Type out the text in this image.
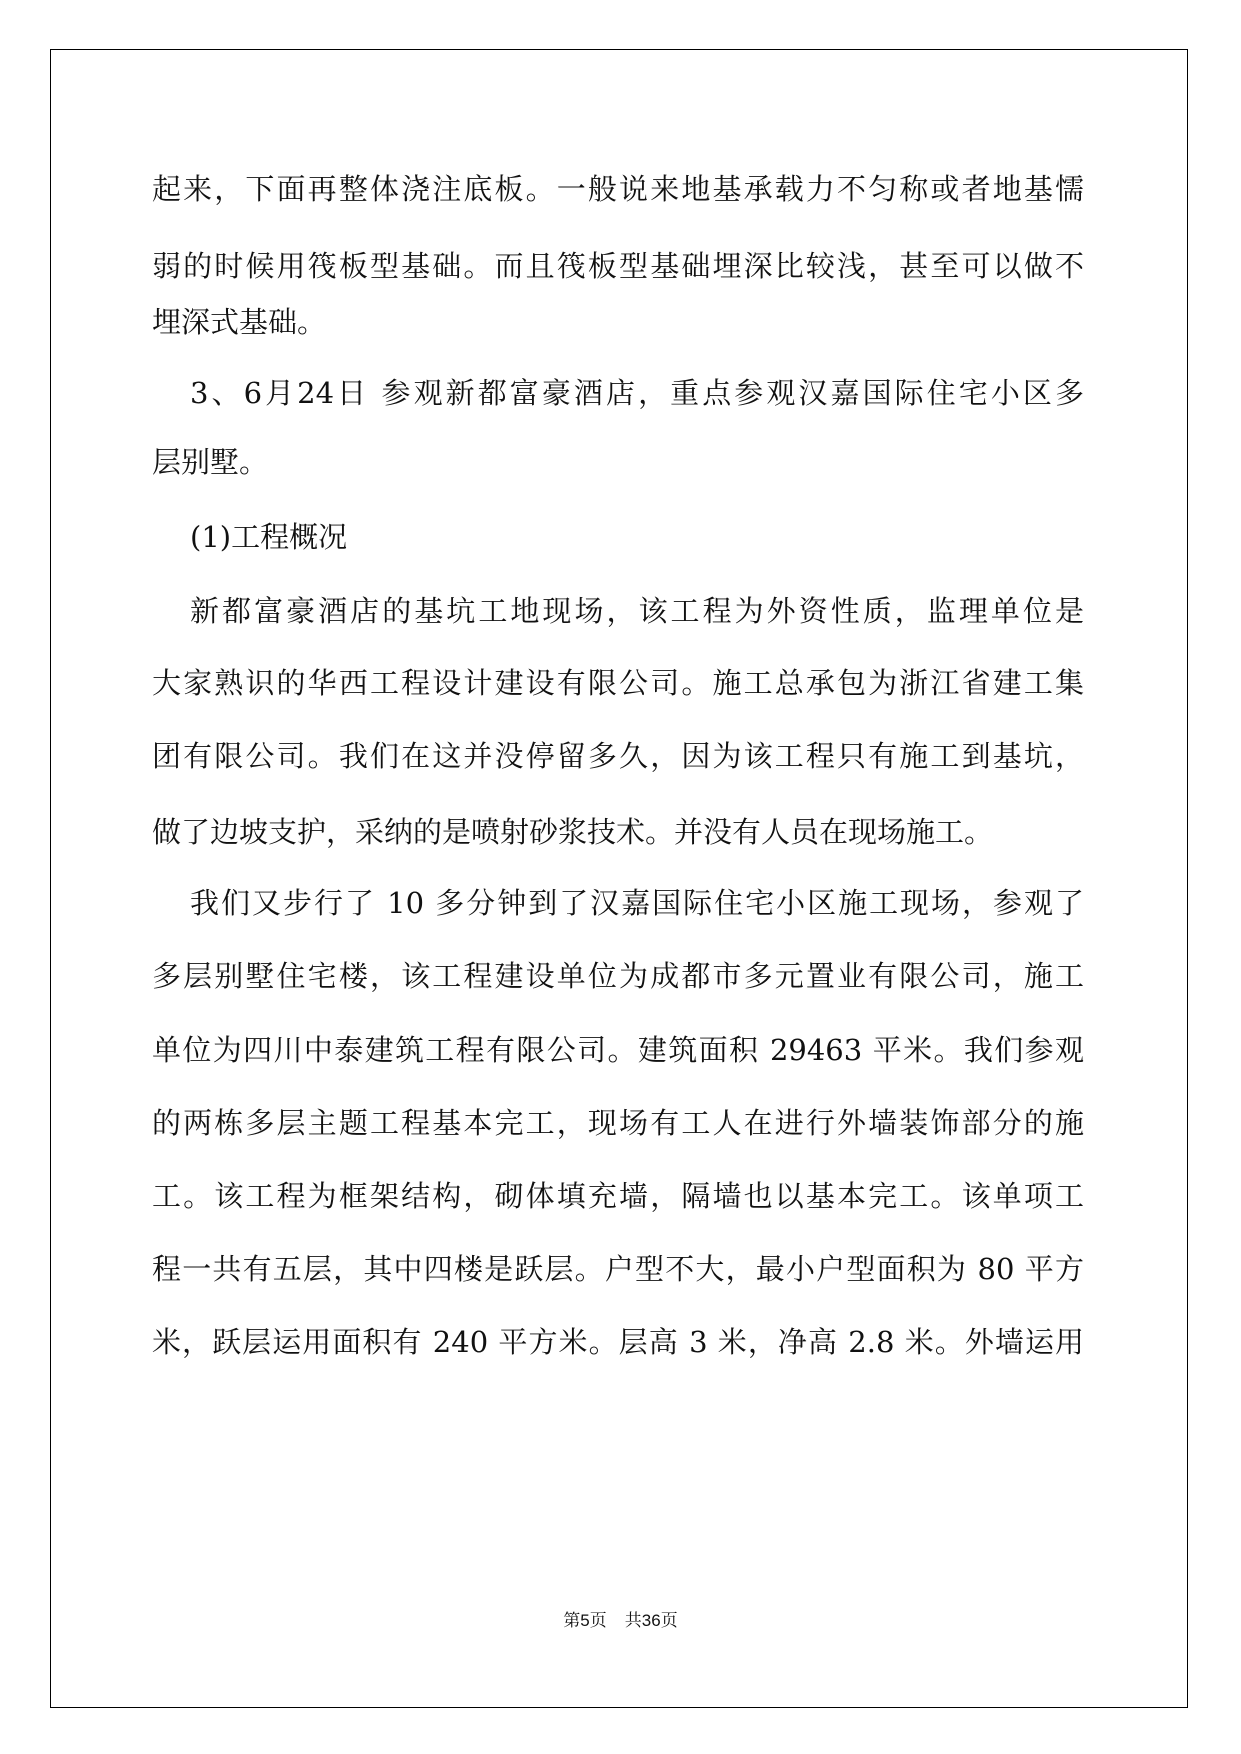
起来，下面再整体浇注底板。一般说来地基承载力不匀称或者地基懦

弱的时候用筏板型基础。而且筏板型基础埋深比较浅，甚至可以做不

埋深式基础。

3、6月24日 参观新都富豪酒店，重点参观汉嘉国际住宅小区多

层别墅。

(1)工程概况

新都富豪酒店的基坑工地现场，该工程为外资性质，监理单位是

大家熟识的华西工程设计建设有限公司。施工总承包为浙江省建工集

团有限公司。我们在这并没停留多久，因为该工程只有施工到基坑，

做了边坡支护，采纳的是喷射砂浆技术。并没有人员在现场施工。

我们又步行了 10 多分钟到了汉嘉国际住宅小区施工现场，参观了

多层别墅住宅楼，该工程建设单位为成都市多元置业有限公司，施工

单位为四川中泰建筑工程有限公司。建筑面积 29463 平米。我们参观

的两栋多层主题工程基本完工，现场有工人在进行外墙装饰部分的施

工。该工程为框架结构，砌体填充墙，隔墙也以基本完工。该单项工

程一共有五层，其中四楼是跃层。户型不大，最小户型面积为 80 平方

米，跃层运用面积有 240 平方米。层高 3 米，净高 2.8 米。外墙运用

第5页 共36页
